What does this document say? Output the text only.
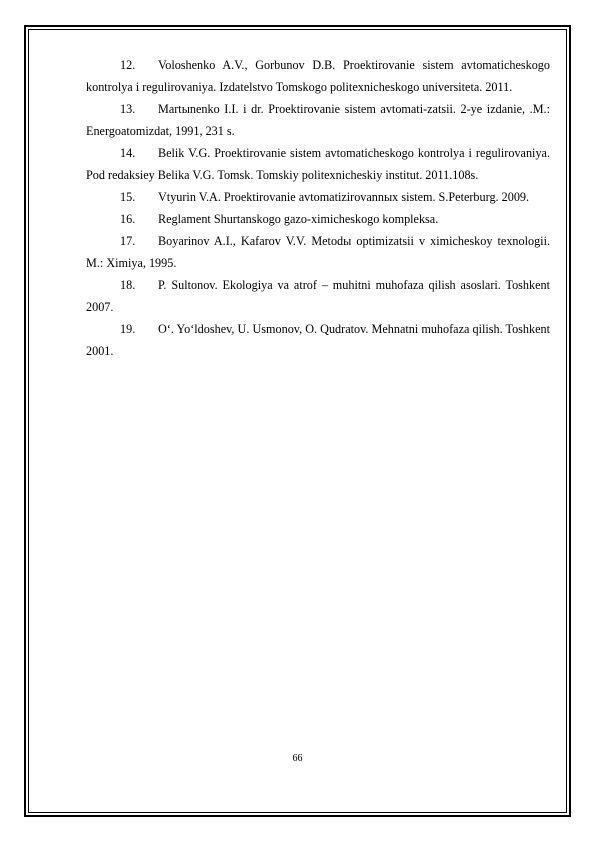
12. Voloshenko A.V., Gorbunov D.B. Proektirovanie sistem avtomaticheskogo kontrolya i regulirovaniya. Izdatelstvo Tomskogo politexnicheskogo universiteta. 2011.

13. Martыnenko I.I. i dr. Proektirovanie sistem avtomati-zatsii. 2-ye izdanie, .M.: Energoatomizdat, 1991, 231 s.

14. Belik V.G. Proektirovanie sistem avtomaticheskogo kontrolya i regulirovaniya. Pod redaksiey Belika V.G. Tomsk. Tomskiy politexnicheskiy institut. 2011.108s.

15. Vtyurin V.A. Proektirovanie avtomatizirovannыx sistem. S.Peterburg. 2009.

16. Reglament Shurtanskogo gazo-ximicheskogo kompleksa.

17. Boyarinov A.I., Kafarov V.V. Metodы optimizatsii v ximicheskoy texnologii. M.: Ximiya, 1995.

18. P. Sultonov. Ekologiya va atrof – muhitni muhofaza qilish asoslari. Toshkent 2007.

19. O‘. Yo‘ldoshev, U. Usmonov, O. Qudratov. Mehnatni muhofaza qilish. Toshkent 2001.

66
